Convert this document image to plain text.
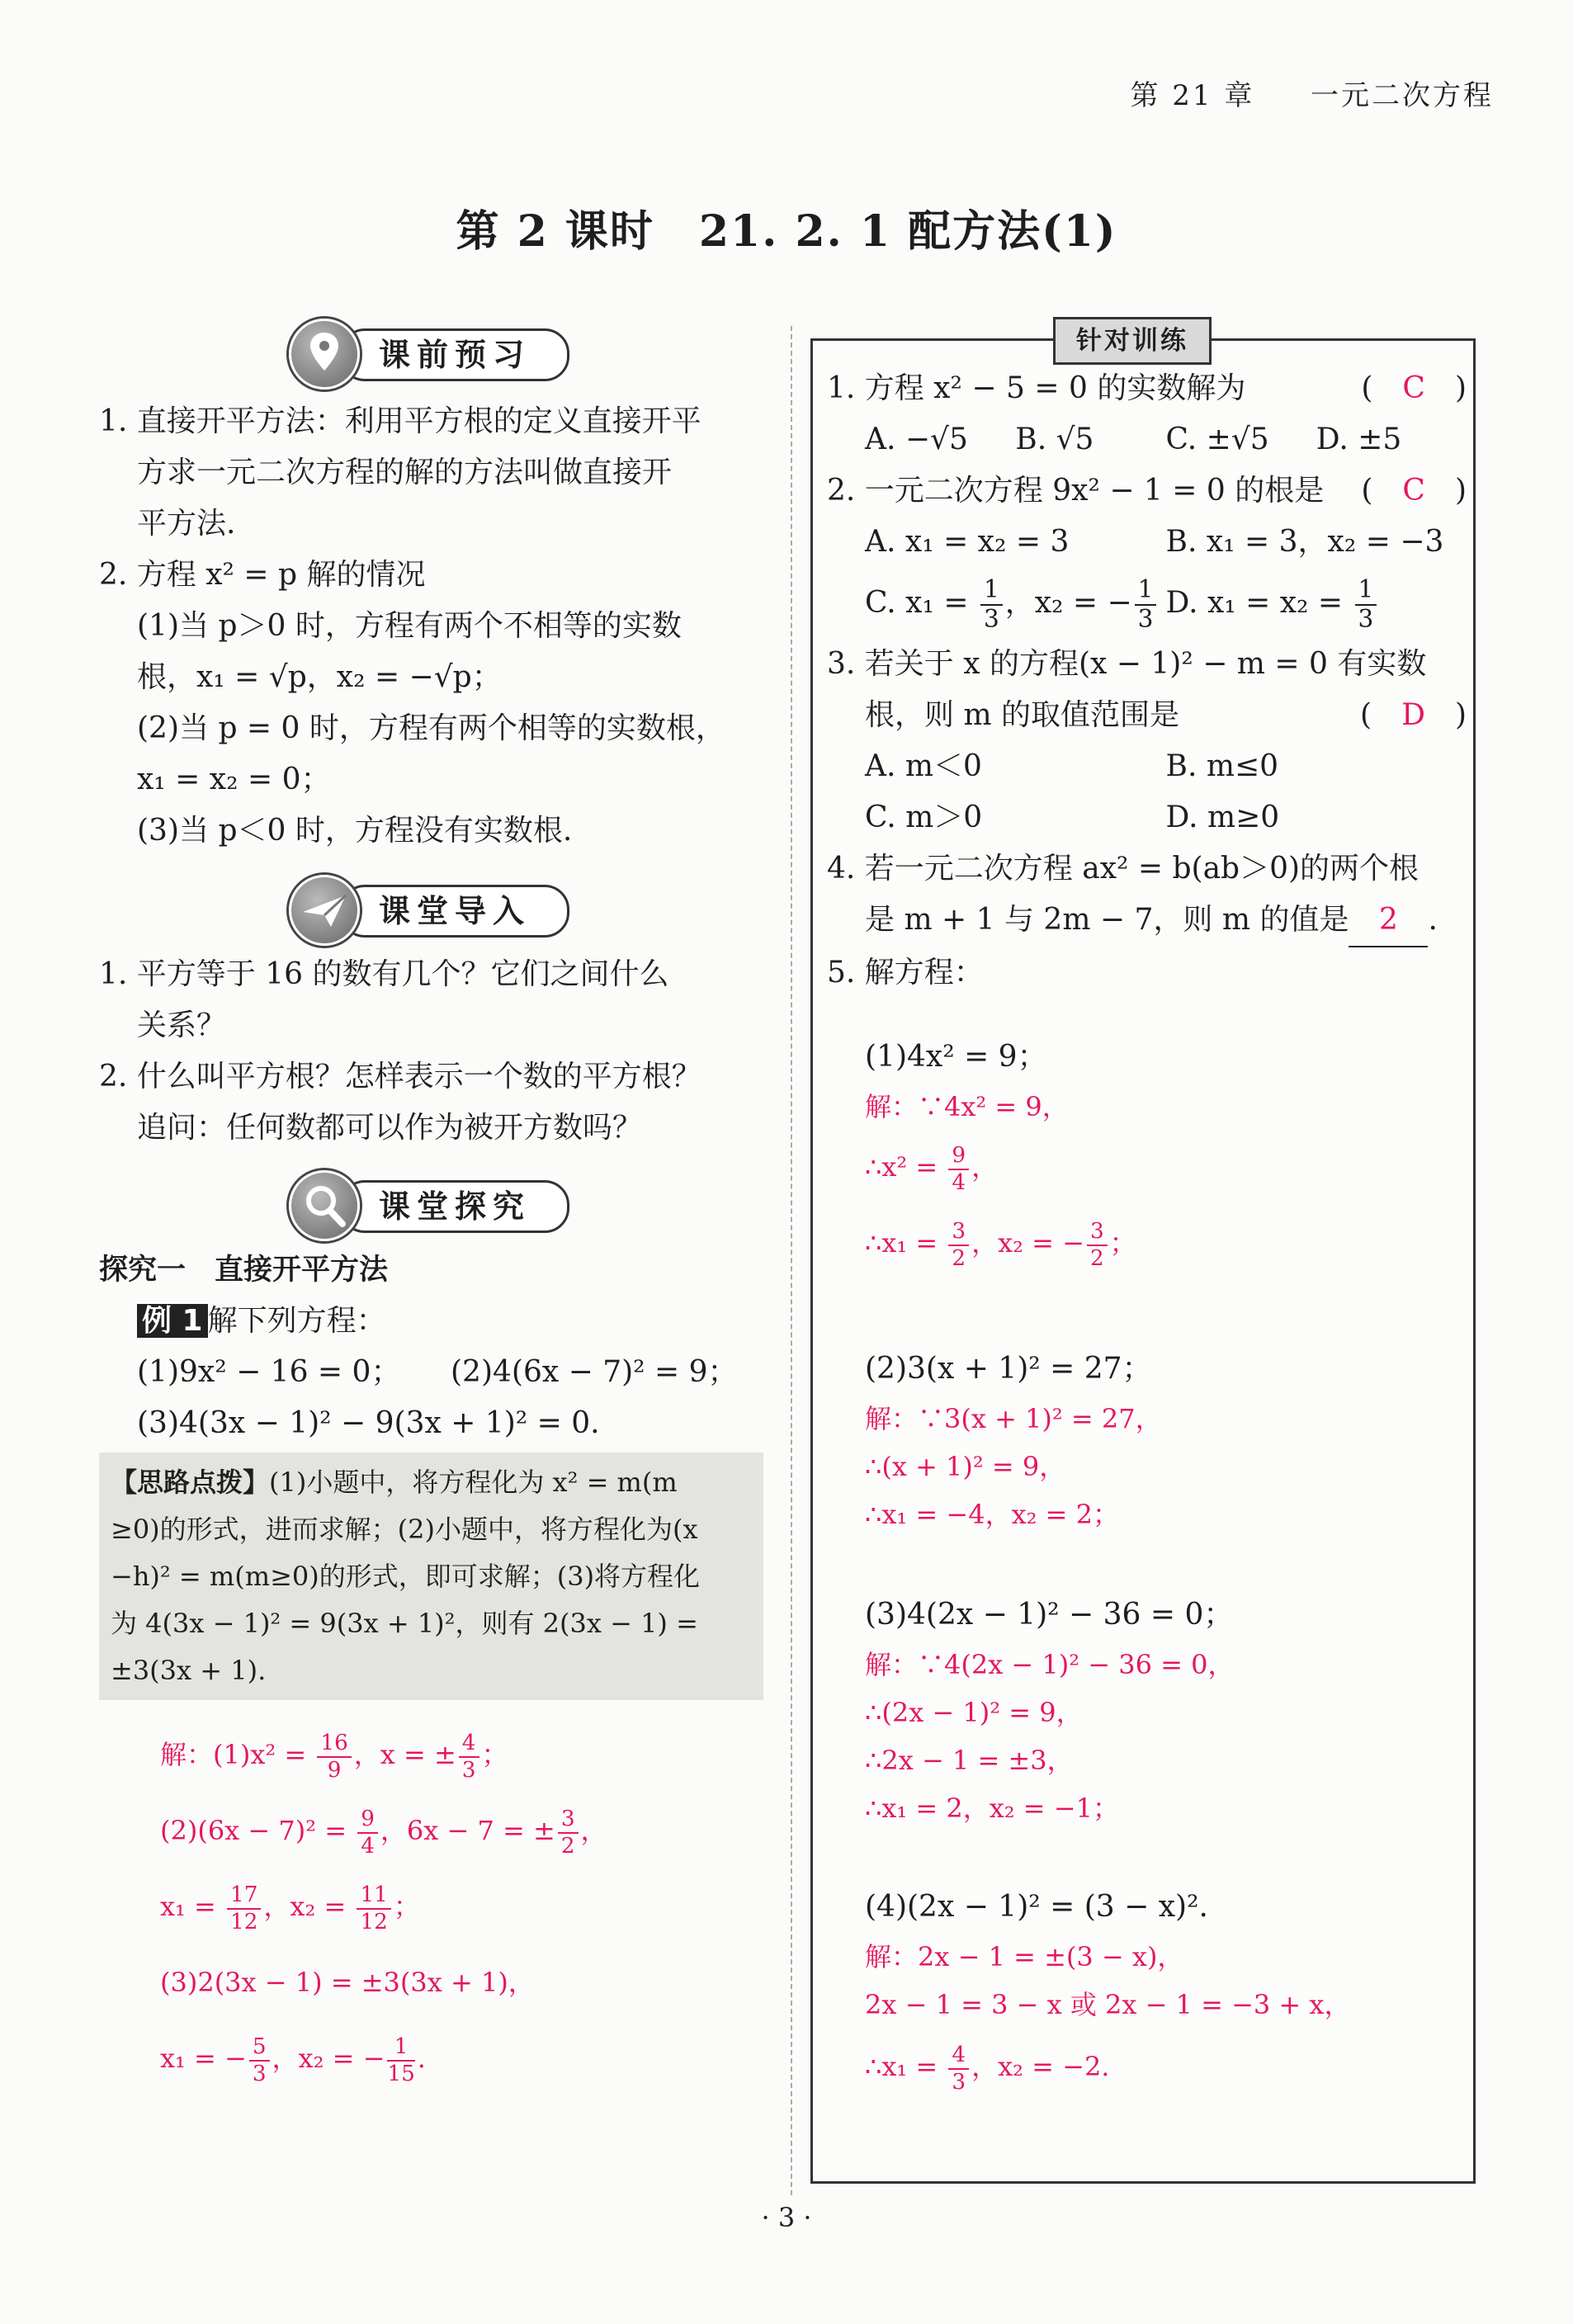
第 21 章 一元二次方程
第 2 课时　21. 2. 1 配方法(1)
课前预习
1. 直接开平方法：利用平方根的定义直接开平
方求一元二次方程的解的方法叫做直接开
平方法.
2. 方程 x² = p 解的情况
(1)当 p＞0 时，方程有两个不相等的实数
根，x₁ = √p，x₂ = −√p；
(2)当 p = 0 时，方程有两个相等的实数根，
x₁ = x₂ = 0；
(3)当 p＜0 时，方程没有实数根.
课堂导入
1. 平方等于 16 的数有几个？它们之间什么
关系？
2. 什么叫平方根？怎样表示一个数的平方根？
追问：任何数都可以作为被开方数吗？
课堂探究
探究一　直接开平方法
例 1 解下列方程：
(1)9x² − 16 = 0；	(2)4(6x − 7)² = 9；
(3)4(3x − 1)² − 9(3x + 1)² = 0.
【思路点拨】(1)小题中，将方程化为 x² = m(m
≥0)的形式，进而求解；(2)小题中，将方程化为(x
−h)² = m(m≥0)的形式，即可求解；(3)将方程化
为 4(3x − 1)² = 9(3x + 1)²，则有 2(3x − 1) =
±3(3x + 1).
解：$(1)x^2 = \frac{16}{9}$ ，x = ± $\frac{4}{3}$ ；
$(2)(6x - 7)^2 = \frac{9}{4}$ ，6x − 7 = ± $\frac{3}{2}$ ，
$x_1 = \frac{17}{12}$ ，$x_2 = \frac{11}{12}$ ；
(3)2(3x − 1) = ±3(3x + 1)，
x₁ = − $\frac{5}{3}$ ，x₂ = − $\frac{1}{15}$ .
针对训练
1. 方程 x² − 5 = 0 的实数解为	(　C　)
A. −√5	B. √5	C. ±√5	D. ±5
2. 一元二次方程 9x² − 1 = 0 的根是 (　C　)
A. x₁ = x₂ = 3	B. x₁ = 3，x₂ = −3
C. $x_1 = \frac{1}{3}$ ，x₂ = − $\frac{1}{3} D$. $x_1 = x_2 = \frac{1}{3}$
3. 若关于 x 的方程(x − 1)² − m = 0 有实数
根，则 m 的取值范围是	(　D　)
A. m＜0	B. m≤0
C. m＞0	D. m≥0
4. 若一元二次方程 ax² = b(ab＞0)的两个根
是 m + 1 与 2m − 7，则 m 的值是 2 .
5. 解方程：
(1)4x² = 9；
解：∵4x² = 9，
∴x² = $\frac{9}{4}$ ，
∴x₁ = $\frac{3}{2}$ ，x₂ = − $\frac{3}{2}$ ；
(2)3(x + 1)² = 27；
解：∵3(x + 1)² = 27，
∴(x + 1)² = 9，
∴x₁ = −4，x₂ = 2；
(3)4(2x − 1)² − 36 = 0；
解：∵4(2x − 1)² − 36 = 0，
∴(2x − 1)² = 9，
∴2x − 1 = ±3，
∴x₁ = 2，x₂ = −1；
(4)(2x − 1)² = (3 − x)².
解：2x − 1 = ±(3 − x)，
2x − 1 = 3 − x 或 2x − 1 = −3 + x，
∴x₁ = $\frac{4}{3}$ ，x₂ = −2.
· 3 ·
